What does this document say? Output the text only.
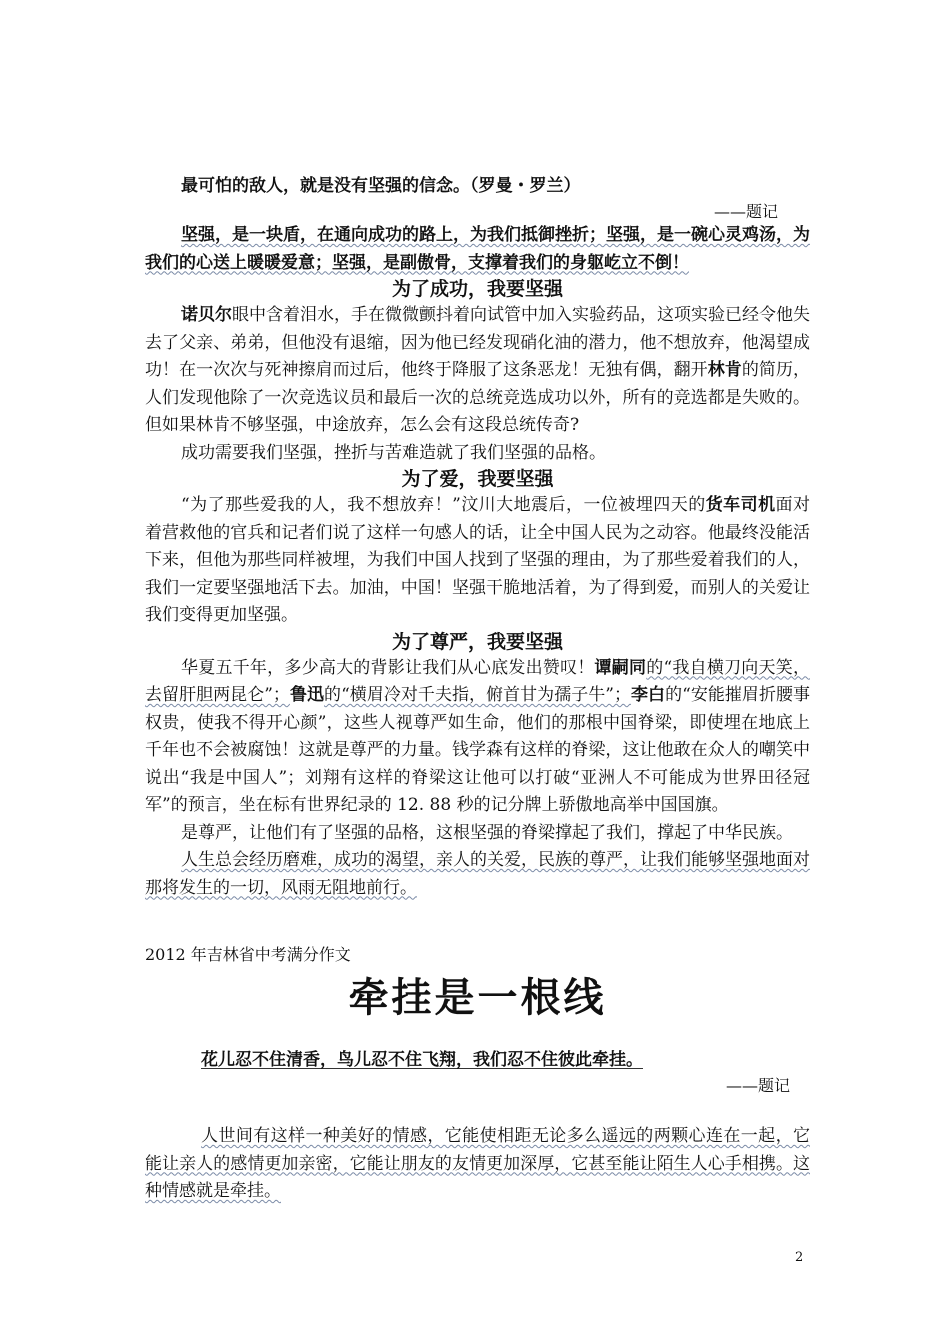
最可怕的敌人，就是没有坚强的信念。（罗曼・罗兰）

——题记

坚强，是一块盾，在通向成功的路上，为我们抵御挫折；坚强，是一碗心灵鸡汤，为我们的心送上暖暖爱意；坚强，是副傲骨，支撑着我们的身躯屹立不倒！

为了成功，我要坚强

诺贝尔眼中含着泪水，手在微微颤抖着向试管中加入实验药品，这项实验已经令他失去了父亲、弟弟，但他没有退缩，因为他已经发现硝化油的潜力，他不想放弃，他渴望成功！在一次次与死神擦肩而过后，他终于降服了这条恶龙！无独有偶，翻开林肯的简历，人们发现他除了一次竞选议员和最后一次的总统竞选成功以外，所有的竞选都是失败的。但如果林肯不够坚强，中途放弃，怎么会有这段总统传奇?

成功需要我们坚强，挫折与苦难造就了我们坚强的品格。

为了爱，我要坚强

“为了那些爱我的人，我不想放弃！”汶川大地震后，一位被埋四天的货车司机面对着营救他的官兵和记者们说了这样一句感人的话，让全中国人民为之动容。他最终没能活下来，但他为那些同样被埋，为我们中国人找到了坚强的理由，为了那些爱着我们的人，我们一定要坚强地活下去。加油，中国！坚强干脆地活着，为了得到爱，而别人的关爱让我们变得更加坚强。

为了尊严，我要坚强

华夏五千年，多少高大的背影让我们从心底发出赞叹！谭嗣同的“我自横刀向天笑，去留肝胆两昆仑”；鲁迅的“横眉冷对千夫指，俯首甘为孺子牛”；李白的“安能摧眉折腰事权贵，使我不得开心颜”，这些人视尊严如生命，他们的那根中国脊梁，即使埋在地底上千年也不会被腐蚀！这就是尊严的力量。钱学森有这样的脊梁，这让他敢在众人的嘲笑中说出“我是中国人”；刘翔有这样的脊梁这让他可以打破“亚洲人不可能成为世界田径冠军”的预言，坐在标有世界纪录的 12. 88 秒的记分牌上骄傲地高举中国国旗。

是尊严，让他们有了坚强的品格，这根坚强的脊梁撑起了我们，撑起了中华民族。

人生总会经历磨难，成功的渴望，亲人的关爱，民族的尊严，让我们能够坚强地面对那将发生的一切，风雨无阻地前行。

2012 年吉林省中考满分作文
牵挂是一根线

花儿忍不住清香，鸟儿忍不住飞翔，我们忍不住彼此牵挂。

——题记

人世间有这样一种美好的情感，它能使相距无论多么遥远的两颗心连在一起，它能让亲人的感情更加亲密，它能让朋友的友情更加深厚，它甚至能让陌生人心手相携。这种情感就是牵挂。

2
